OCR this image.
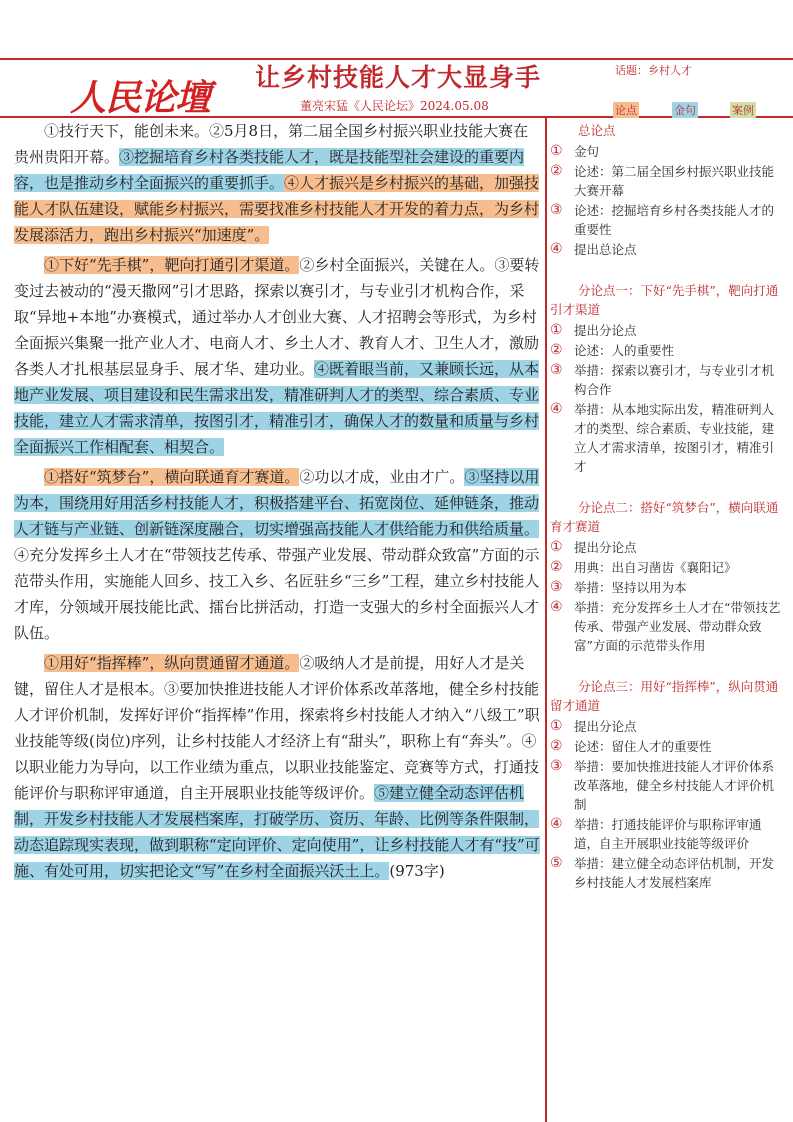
人民论壇 让乡村技能人才大显身手
董亮宋猛《人民论坛》2024.05.08
话题：乡村人才
论点	金句	案例

①技行天下，能创未来。②5月8日，第二届全国乡村振兴职业技能大赛在贵州贵阳开幕。③挖掘培育乡村各类技能人才，既是技能型社会建设的重要内容，也是推动乡村全面振兴的重要抓手。④人才振兴是乡村振兴的基础，加强技能人才队伍建设，赋能乡村振兴，需要找准乡村技能人才开发的着力点，为乡村发展添活力，跑出乡村振兴“加速度”。

①下好“先手棋”，靶向打通引才渠道。②乡村全面振兴，关键在人。③要转变过去被动的“漫天撒网”引才思路，探索以赛引才，与专业引才机构合作，采取“异地+本地”办赛模式，通过举办人才创业大赛、人才招聘会等形式，为乡村全面振兴集聚一批产业人才、电商人才、乡土人才、教育人才、卫生人才，激励各类人才扎根基层显身手、展才华、建功业。④既着眼当前，又兼顾长远，从本地产业发展、项目建设和民生需求出发，精准研判人才的类型、综合素质、专业技能，建立人才需求清单，按图引才，精准引才，确保人才的数量和质量与乡村全面振兴工作相配套、相契合。

①搭好“筑梦台”，横向联通育才赛道。②功以才成，业由才广。③坚持以用为本，围绕用好用活乡村技能人才，积极搭建平台、拓宽岗位、延伸链条，推动人才链与产业链、创新链深度融合，切实增强高技能人才供给能力和供给质量。④充分发挥乡土人才在“带领技艺传承、带强产业发展、带动群众致富”方面的示范带头作用，实施能人回乡、技工入乡、名匠驻乡“三乡”工程，建立乡村技能人才库，分领域开展技能比武、擂台比拼活动，打造一支强大的乡村全面振兴人才队伍。

①用好“指挥棒”，纵向贯通留才通道。②吸纳人才是前提，用好人才是关键，留住人才是根本。③要加快推进技能人才评价体系改革落地，健全乡村技能人才评价机制，发挥好评价“指挥棒”作用，探索将乡村技能人才纳入“八级工”职业技能等级(岗位)序列，让乡村技能人才经济上有“甜头”，职称上有“奔头”。④以职业能力为导向，以工作业绩为重点，以职业技能鉴定、竞赛等方式，打通技能评价与职称评审通道，自主开展职业技能等级评价。⑤建立健全动态评估机制，开发乡村技能人才发展档案库，打破学历、资历、年龄、比例等条件限制，动态追踪现实表现，做到职称“定向评价、定向使用”，让乡村技能人才有“技”可施、有处可用，切实把论文“写”在乡村全面振兴沃土上。(973字)

总论点
① 金句
② 论述：第二届全国乡村振兴职业技能大赛开幕
③ 论述：挖掘培育乡村各类技能人才的重要性
④ 提出总论点
分论点一：下好“先手棋”，靶向打通引才渠道
① 提出分论点
② 论述：人的重要性
③ 举措：探索以赛引才，与专业引才机构合作
④ 举措：从本地实际出发，精准研判人才的类型、综合素质、专业技能，建立人才需求清单，按图引才，精准引才
分论点二：搭好“筑梦台”，横向联通育才赛道
① 提出分论点
② 用典：出自习凿齿《襄阳记》
③ 举措：坚持以用为本
④ 举措：充分发挥乡土人才在“带领技艺传承、带强产业发展、带动群众致富”方面的示范带头作用
分论点三：用好“指挥棒”，纵向贯通留才通道
① 提出分论点
② 论述：留住人才的重要性
③ 举措：要加快推进技能人才评价体系改革落地，健全乡村技能人才评价机制
④ 举措：打通技能评价与职称评审通道，自主开展职业技能等级评价
⑤ 举措：建立健全动态评估机制，开发乡村技能人才发展档案库
